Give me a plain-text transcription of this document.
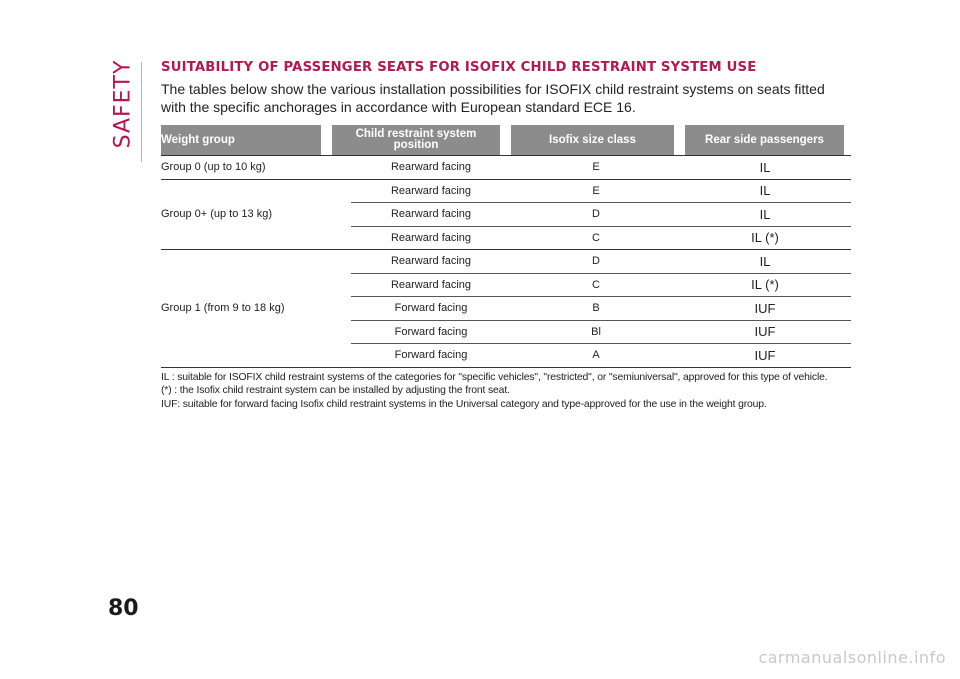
SAFETY
80
SUITABILITY OF PASSENGER SEATS FOR ISOFIX CHILD RESTRAINT SYSTEM USE

The tables below show the various installation possibilities for ISOFIX child restraint systems on seats fitted with the specific anchorages in accordance with European standard ECE 16.

Weight group	Child restraint system position	Isofix size class	Rear side passengers
Group 0 (up to 10 kg)	Rearward facing	E	IL
Group 0+ (up to 13 kg)
Rearward facing	E	IL
Rearward facing	D	IL
Rearward facing	C	IL (*)
Group 1 (from 9 to 18 kg)
Rearward facing	D	IL
Rearward facing	C	IL (*)
Forward facing	B	IUF
Forward facing	Bl	IUF
Forward facing	A	IUF
IL : suitable for ISOFIX child restraint systems of the categories for "specific vehicles", "restricted", or "semiuniversal", approved for this type of vehicle.
(*) : the Isofix child restraint system can be installed by adjusting the front seat.
IUF: suitable for forward facing Isofix child restraint systems in the Universal category and type-approved for the use in the weight group.
carmanualsonline.info
